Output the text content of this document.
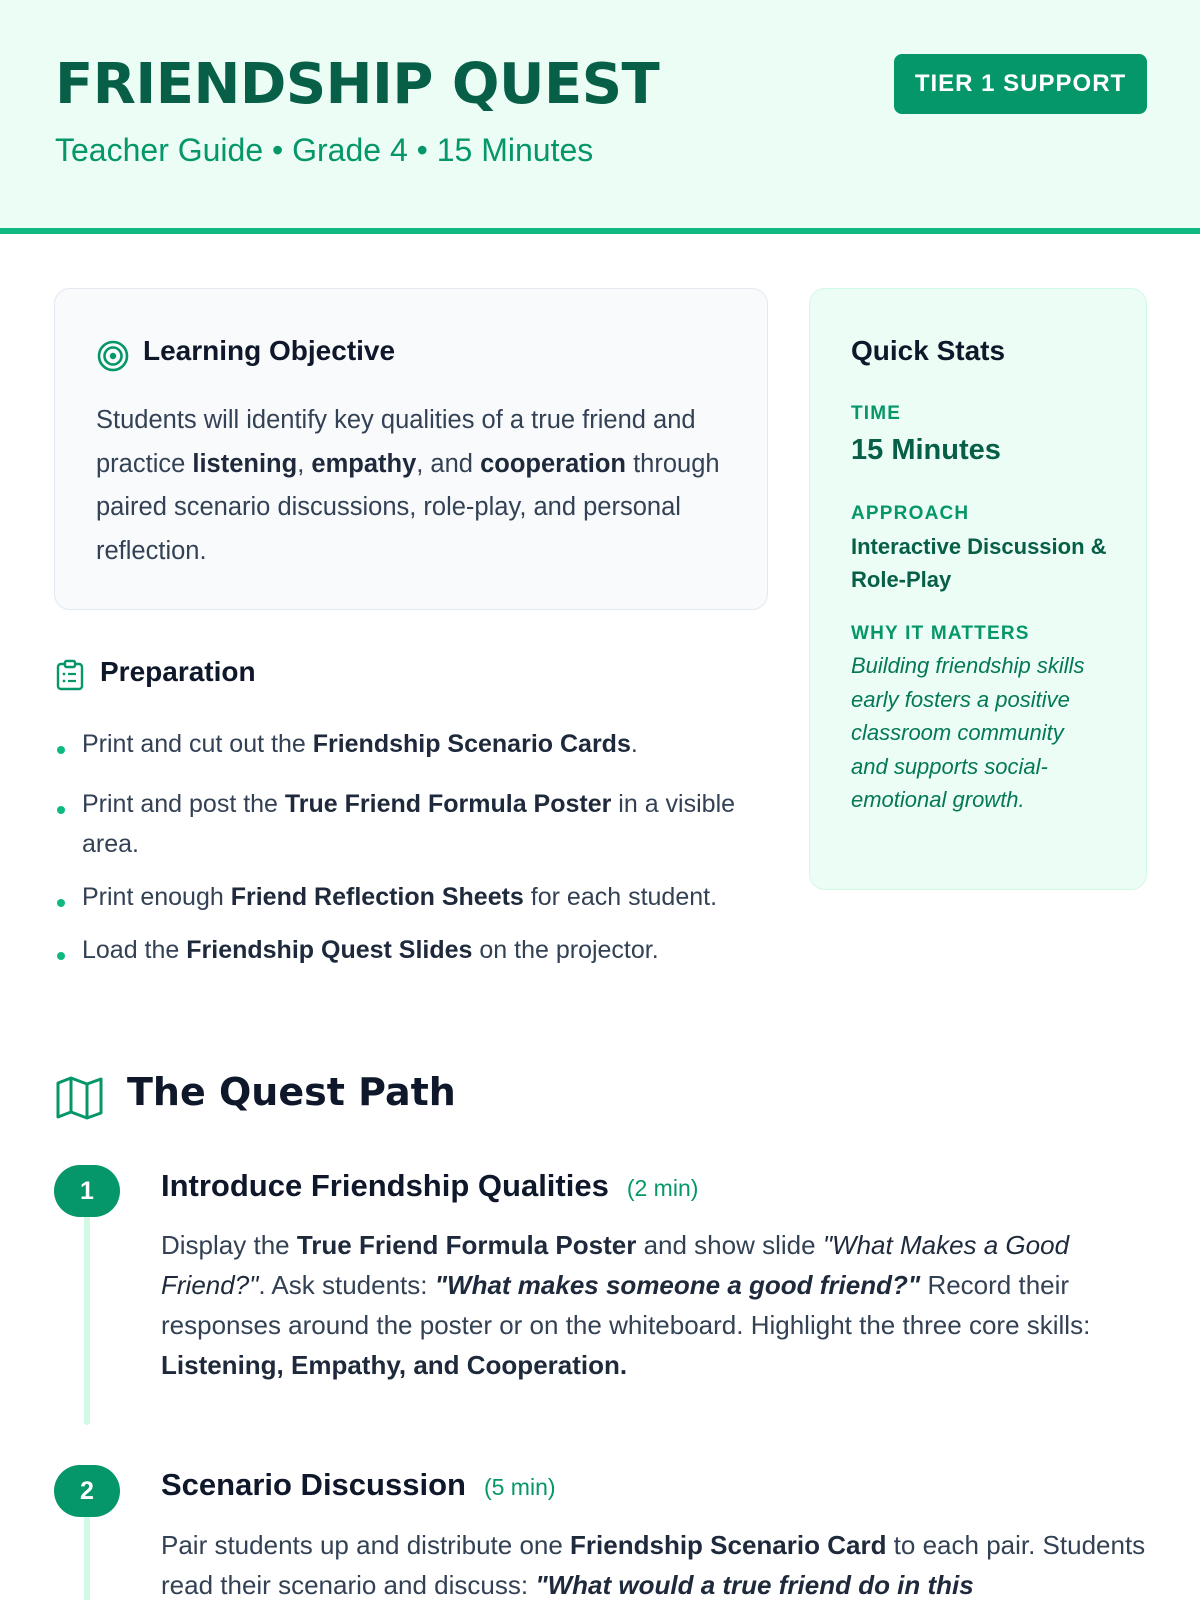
FRIENDSHIP QUEST
Teacher Guide • Grade 4 • 15 Minutes
TIER 1 SUPPORT
Learning Objective

Students will identify key qualities of a true friend and practice listening, empathy, and cooperation through paired scenario discussions, role-play, and personal reflection.

Quick Stats
TIME
15 Minutes
APPROACH
Interactive Discussion & Role-Play
WHY IT MATTERS
Building friendship skills early fosters a positive classroom community and supports social-emotional growth.
Preparation
Print and cut out the Friendship Scenario Cards.
Print and post the True Friend Formula Poster in a visible area.
Print enough Friend Reflection Sheets for each student.
Load the Friendship Quest Slides on the projector.
The Quest Path
1	Introduce Friendship Qualities (2 min)

Display the True Friend Formula Poster and show slide "What Makes a Good Friend?". Ask students: "What makes someone a good friend?" Record their responses around the poster or on the whiteboard. Highlight the three core skills: Listening, Empathy, and Cooperation.

2	Scenario Discussion (5 min)

Pair students up and distribute one Friendship Scenario Card to each pair. Students read their scenario and discuss: "What would a true friend do in this
